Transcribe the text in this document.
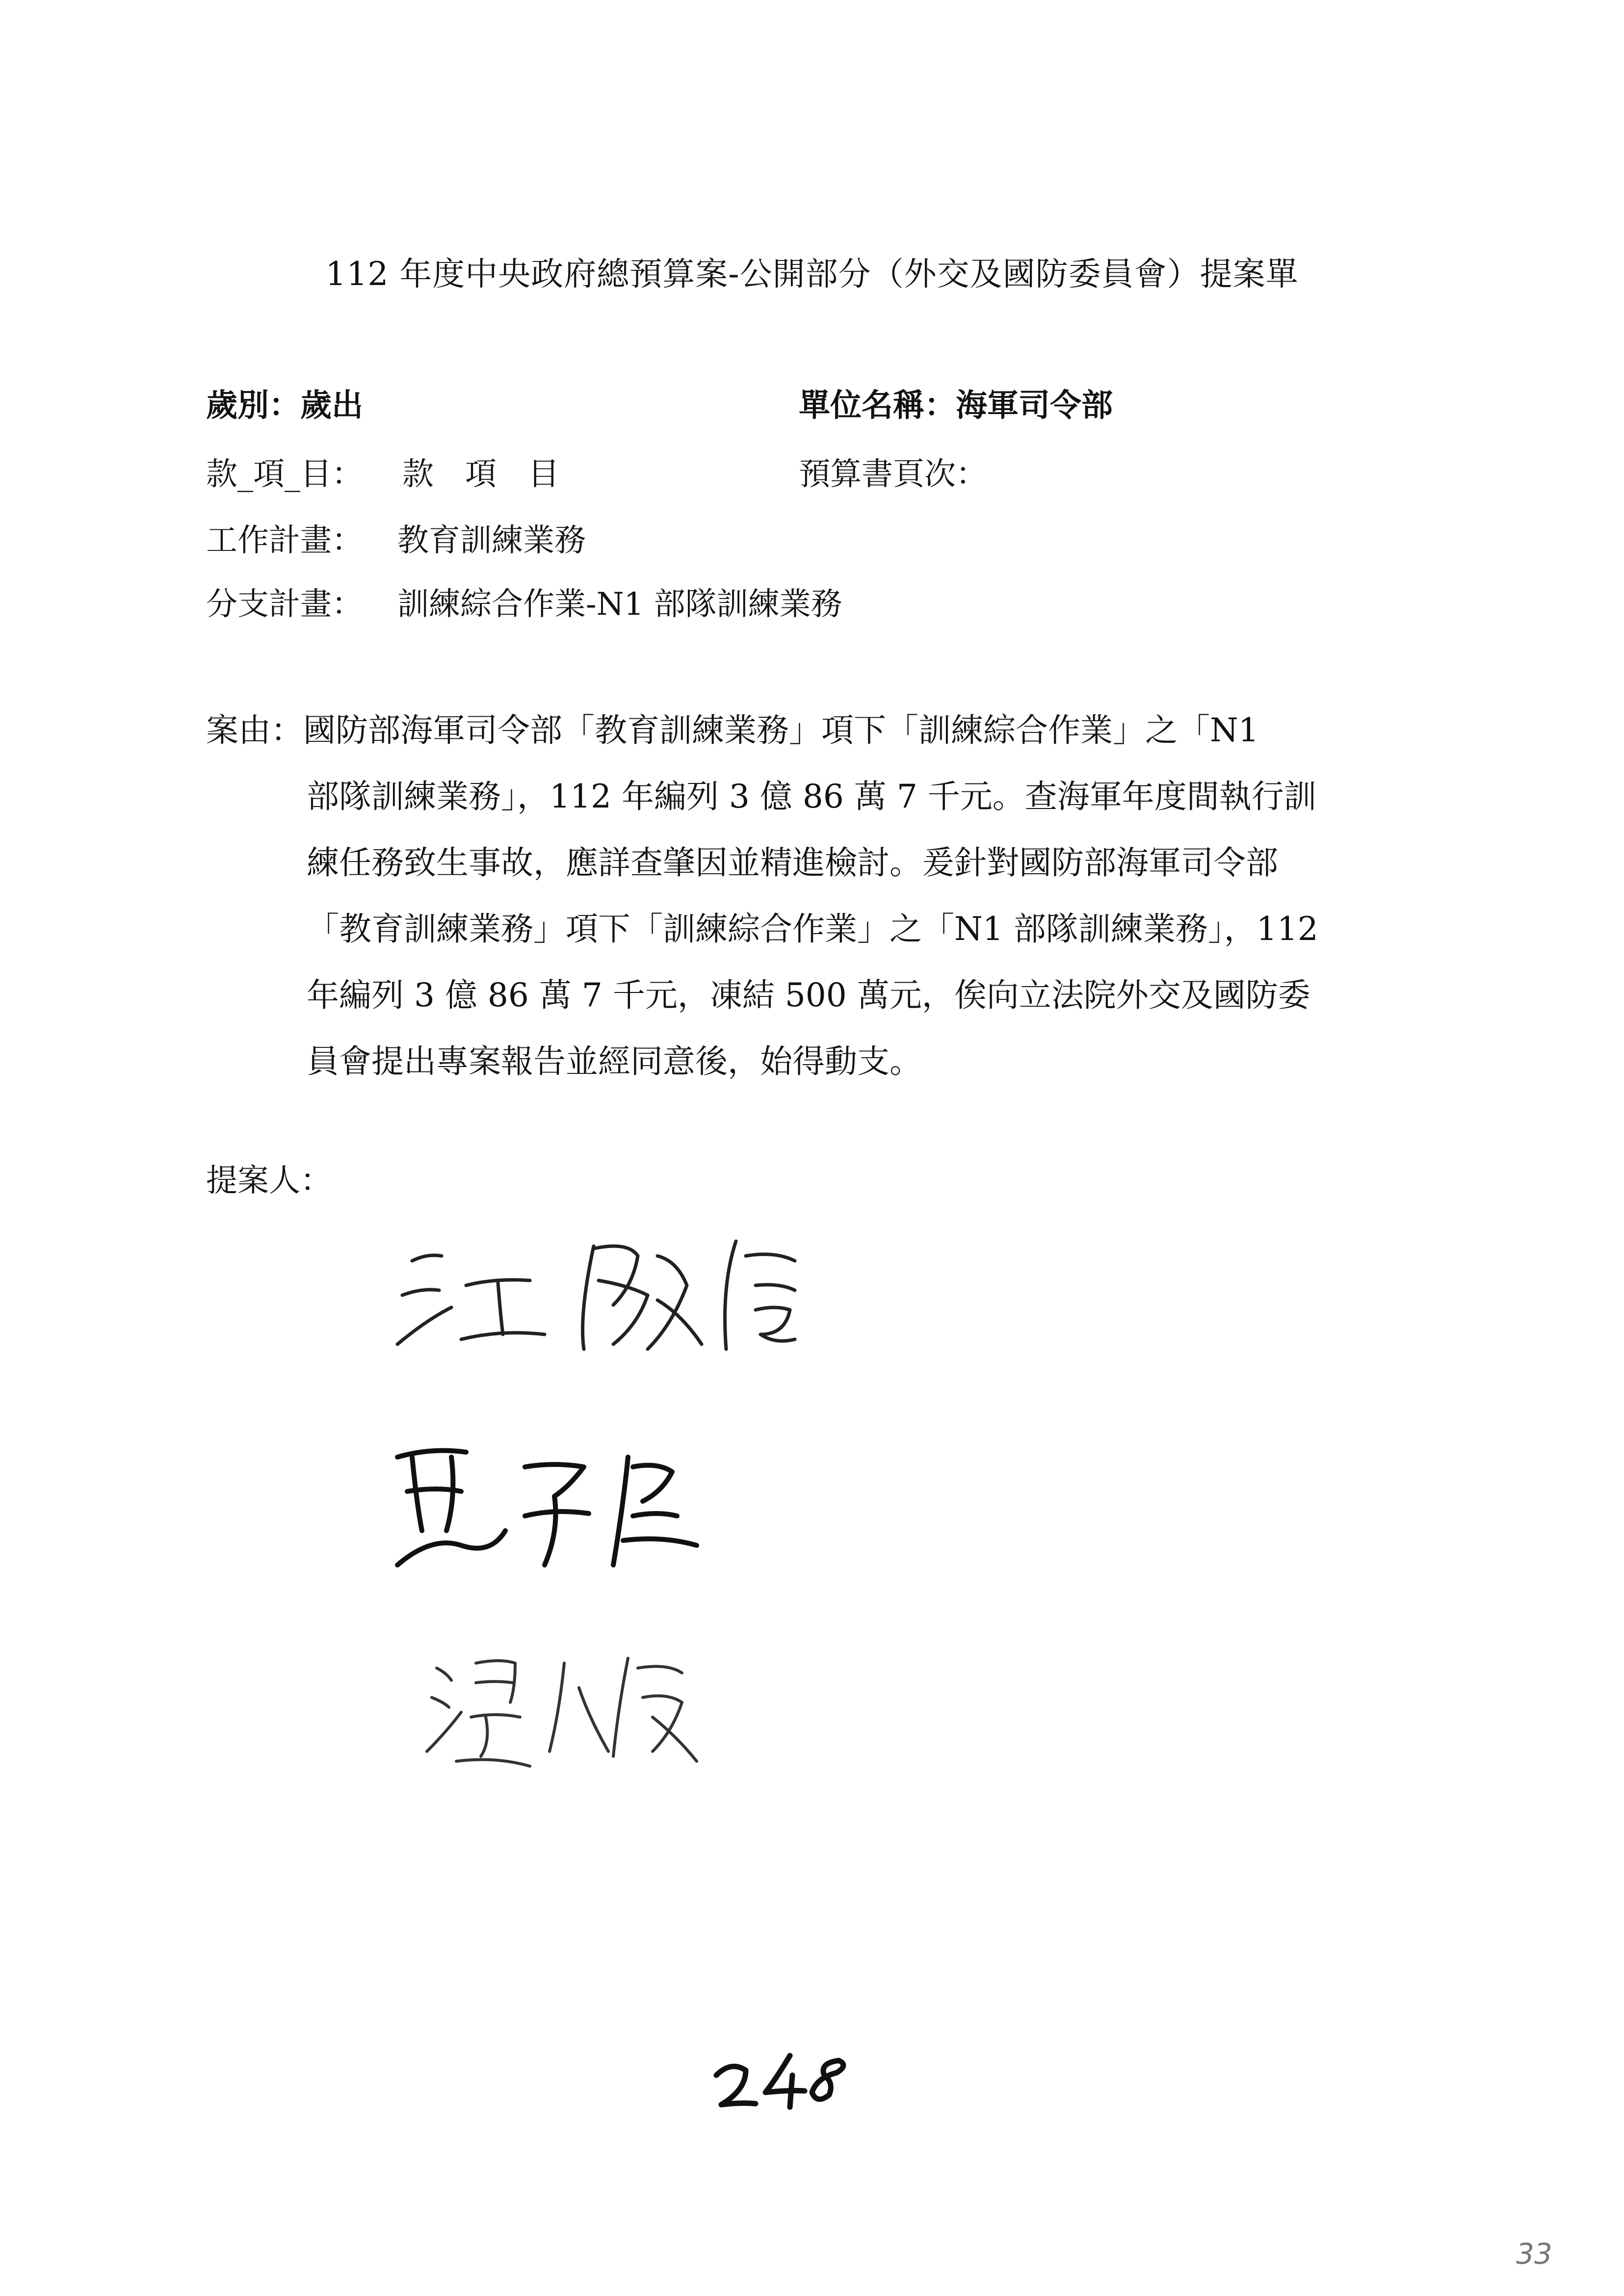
112 年度中央政府總預算案-公開部分（外交及國防委員會）提案單
歲別：歲出	單位名稱：海軍司令部
款_項_目： 款　項　目	預算書頁次：
工作計畫： 教育訓練業務
分支計畫： 訓練綜合作業-N1 部隊訓練業務
案由：國防部海軍司令部「教育訓練業務」項下「訓練綜合作業」之「N1
部隊訓練業務」，112 年編列 3 億 86 萬 7 千元。查海軍年度間執行訓
練任務致生事故，應詳查肇因並精進檢討。爰針對國防部海軍司令部
「教育訓練業務」項下「訓練綜合作業」之「N1 部隊訓練業務」，112
年編列 3 億 86 萬 7 千元，凍結 500 萬元，俟向立法院外交及國防委
員會提出專案報告並經同意後，始得動支。
提案人：
33
